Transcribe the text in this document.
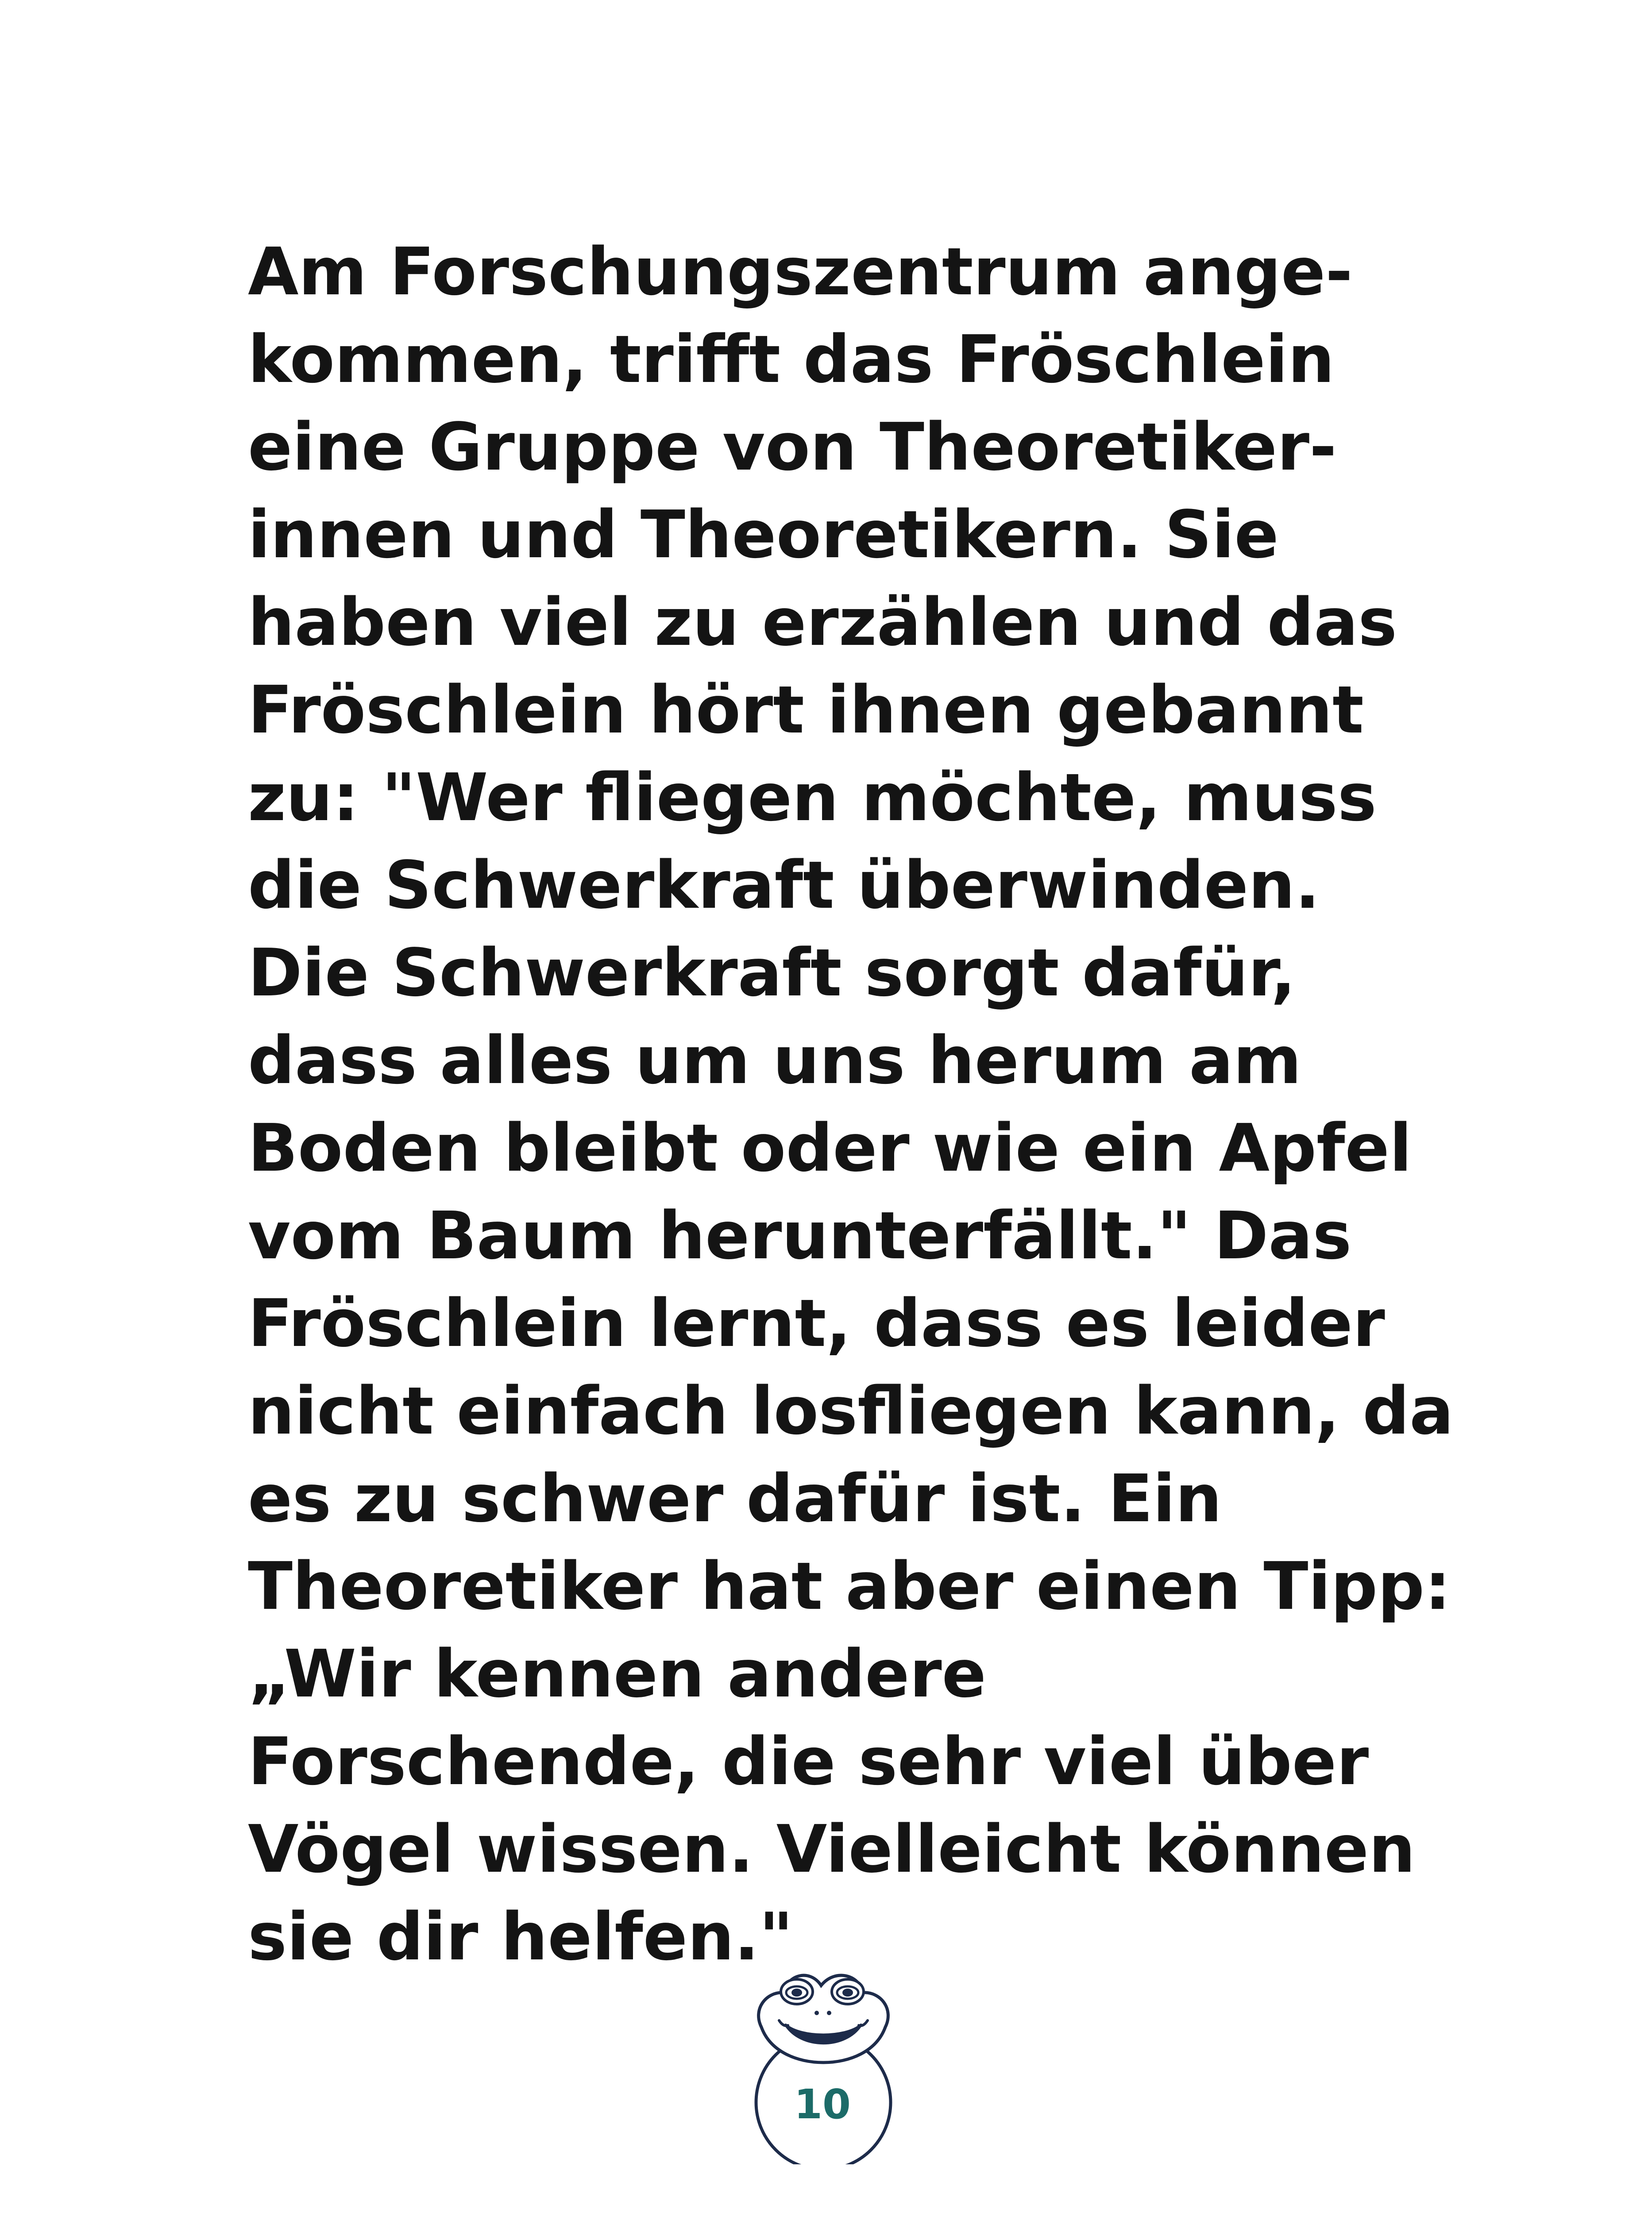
Am Forschungszentrum ange-
kommen, trifft das Fröschlein
eine Gruppe von Theoretiker-
innen und Theoretikern. Sie
haben viel zu erzählen und das
Fröschlein hört ihnen gebannt
zu: "Wer fliegen möchte, muss
die Schwerkraft überwinden.
Die Schwerkraft sorgt dafür,
dass alles um uns herum am
Boden bleibt oder wie ein Apfel
vom Baum herunterfällt." Das
Fröschlein lernt, dass es leider
nicht einfach losfliegen kann, da
es zu schwer dafür ist. Ein
Theoretiker hat aber einen Tipp:
„Wir kennen andere
Forschende, die sehr viel über
Vögel wissen. Vielleicht können
sie dir helfen."
10
